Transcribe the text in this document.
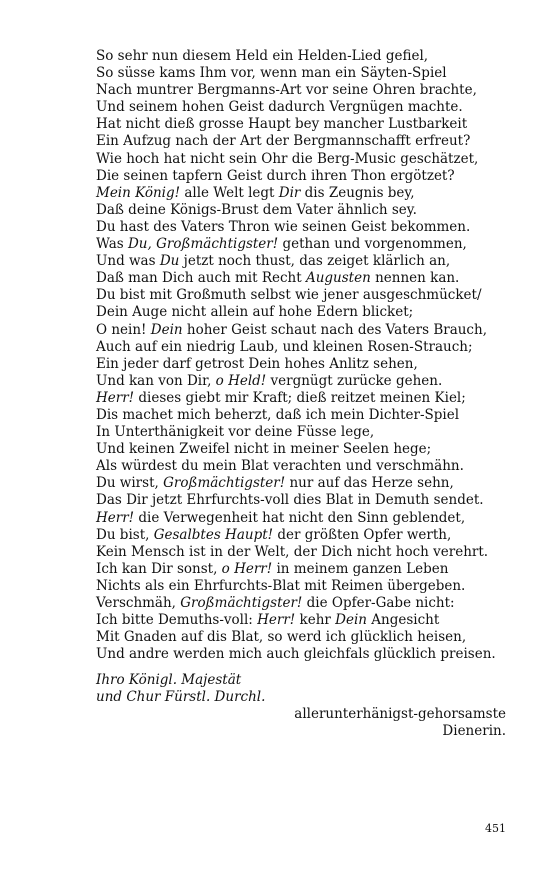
So sehr nun diesem Held ein Helden-Lied gefiel,
So süsse kams Ihm vor, wenn man ein Säyten-Spiel
Nach muntrer Bergmanns-Art vor seine Ohren brachte,
Und seinem hohen Geist dadurch Vergnügen machte.
Hat nicht dieß grosse Haupt bey mancher Lustbarkeit
Ein Aufzug nach der Art der Bergmannschafft erfreut?
Wie hoch hat nicht sein Ohr die Berg-Music geschätzet,
Die seinen tapfern Geist durch ihren Thon ergötzet?
Mein König! alle Welt legt Dir dis Zeugnis bey,
Daß deine Königs-Brust dem Vater ähnlich sey.
Du hast des Vaters Thron wie seinen Geist bekommen.
Was Du, Großmächtigster! gethan und vorgenommen,
Und was Du jetzt noch thust, das zeiget klärlich an,
Daß man Dich auch mit Recht Augusten nennen kan.
Du bist mit Großmuth selbst wie jener ausgeschmücket/
Dein Auge nicht allein auf hohe Edern blicket;
O nein! Dein hoher Geist schaut nach des Vaters Brauch,
Auch auf ein niedrig Laub, und kleinen Rosen-Strauch;
Ein jeder darf getrost Dein hohes Anlitz sehen,
Und kan von Dir, o Held! vergnügt zurücke gehen.
Herr! dieses giebt mir Kraft; dieß reitzet meinen Kiel;
Dis machet mich beherzt, daß ich mein Dichter-Spiel
In Unterthänigkeit vor deine Füsse lege,
Und keinen Zweifel nicht in meiner Seelen hege;
Als würdest du mein Blat verachten und verschmähn.
Du wirst, Großmächtigster! nur auf das Herze sehn,
Das Dir jetzt Ehrfurchts-voll dies Blat in Demuth sendet.
Herr! die Verwegenheit hat nicht den Sinn geblendet,
Du bist, Gesalbtes Haupt! der größten Opfer werth,
Kein Mensch ist in der Welt, der Dich nicht hoch verehrt.
Ich kan Dir sonst, o Herr! in meinem ganzen Leben
Nichts als ein Ehrfurchts-Blat mit Reimen übergeben.
Verschmäh, Großmächtigster! die Opfer-Gabe nicht:
Ich bitte Demuths-voll: Herr! kehr Dein Angesicht
Mit Gnaden auf dis Blat, so werd ich glücklich heisen,
Und andre werden mich auch gleichfals glücklich preisen.
Ihro Königl. Majestät
und Chur Fürstl. Durchl.
allerunterhänigst-gehorsamste
Dienerin.
451
